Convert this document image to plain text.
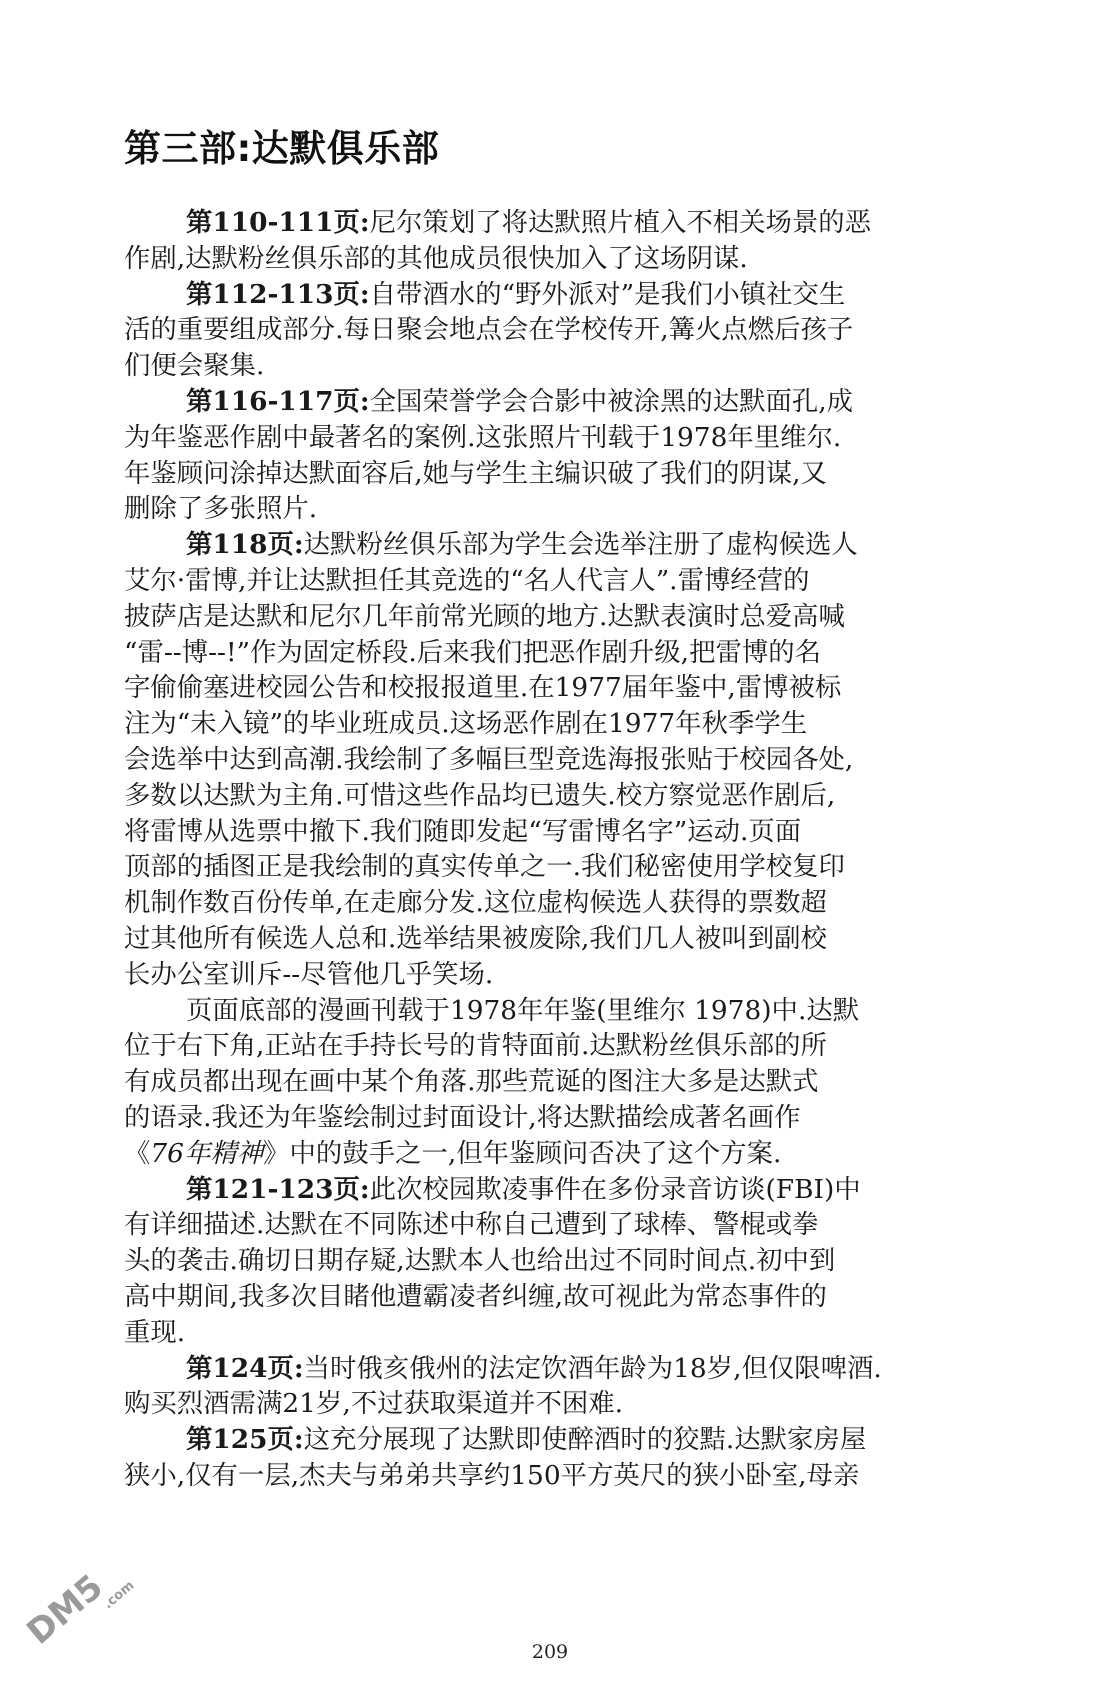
第三部:达默俱乐部
第110-111页:尼尔策划了将达默照片植入不相关场景的恶
作剧,达默粉丝俱乐部的其他成员很快加入了这场阴谋.
第112-113页:自带酒水的“野外派对”是我们小镇社交生
活的重要组成部分.每日聚会地点会在学校传开,篝火点燃后孩子
们便会聚集.
第116-117页:全国荣誉学会合影中被涂黑的达默面孔,成
为年鉴恶作剧中最著名的案例.这张照片刊载于1978年里维尔.
年鉴顾问涂掉达默面容后,她与学生主编识破了我们的阴谋,又
删除了多张照片.
第118页:达默粉丝俱乐部为学生会选举注册了虚构候选人
艾尔·雷博,并让达默担任其竞选的“名人代言人”.雷博经营的
披萨店是达默和尼尔几年前常光顾的地方.达默表演时总爱高喊
“雷--博--!”作为固定桥段.后来我们把恶作剧升级,把雷博的名
字偷偷塞进校园公告和校报报道里.在1977届年鉴中,雷博被标
注为“未入镜”的毕业班成员.这场恶作剧在1977年秋季学生
会选举中达到高潮.我绘制了多幅巨型竞选海报张贴于校园各处,
多数以达默为主角.可惜这些作品均已遗失.校方察觉恶作剧后,
将雷博从选票中撤下.我们随即发起“写雷博名字”运动.页面
顶部的插图正是我绘制的真实传单之一.我们秘密使用学校复印
机制作数百份传单,在走廊分发.这位虚构候选人获得的票数超
过其他所有候选人总和.选举结果被废除,我们几人被叫到副校
长办公室训斥--尽管他几乎笑场.
页面底部的漫画刊载于1978年年鉴(里维尔 1978)中.达默
位于右下角,正站在手持长号的肯特面前.达默粉丝俱乐部的所
有成员都出现在画中某个角落.那些荒诞的图注大多是达默式
的语录.我还为年鉴绘制过封面设计,将达默描绘成著名画作
《76年精神》中的鼓手之一,但年鉴顾问否决了这个方案.
第121-123页:此次校园欺凌事件在多份录音访谈(FBI)中
有详细描述.达默在不同陈述中称自己遭到了球棒、警棍或拳
头的袭击.确切日期存疑,达默本人也给出过不同时间点.初中到
高中期间,我多次目睹他遭霸凌者纠缠,故可视此为常态事件的
重现.
第124页:当时俄亥俄州的法定饮酒年龄为18岁,但仅限啤酒.
购买烈酒需满21岁,不过获取渠道并不困难.
第125页:这充分展现了达默即使醉酒时的狡黠.达默家房屋
狭小,仅有一层,杰夫与弟弟共享约150平方英尺的狭小卧室,母亲
DM5
.com
209
